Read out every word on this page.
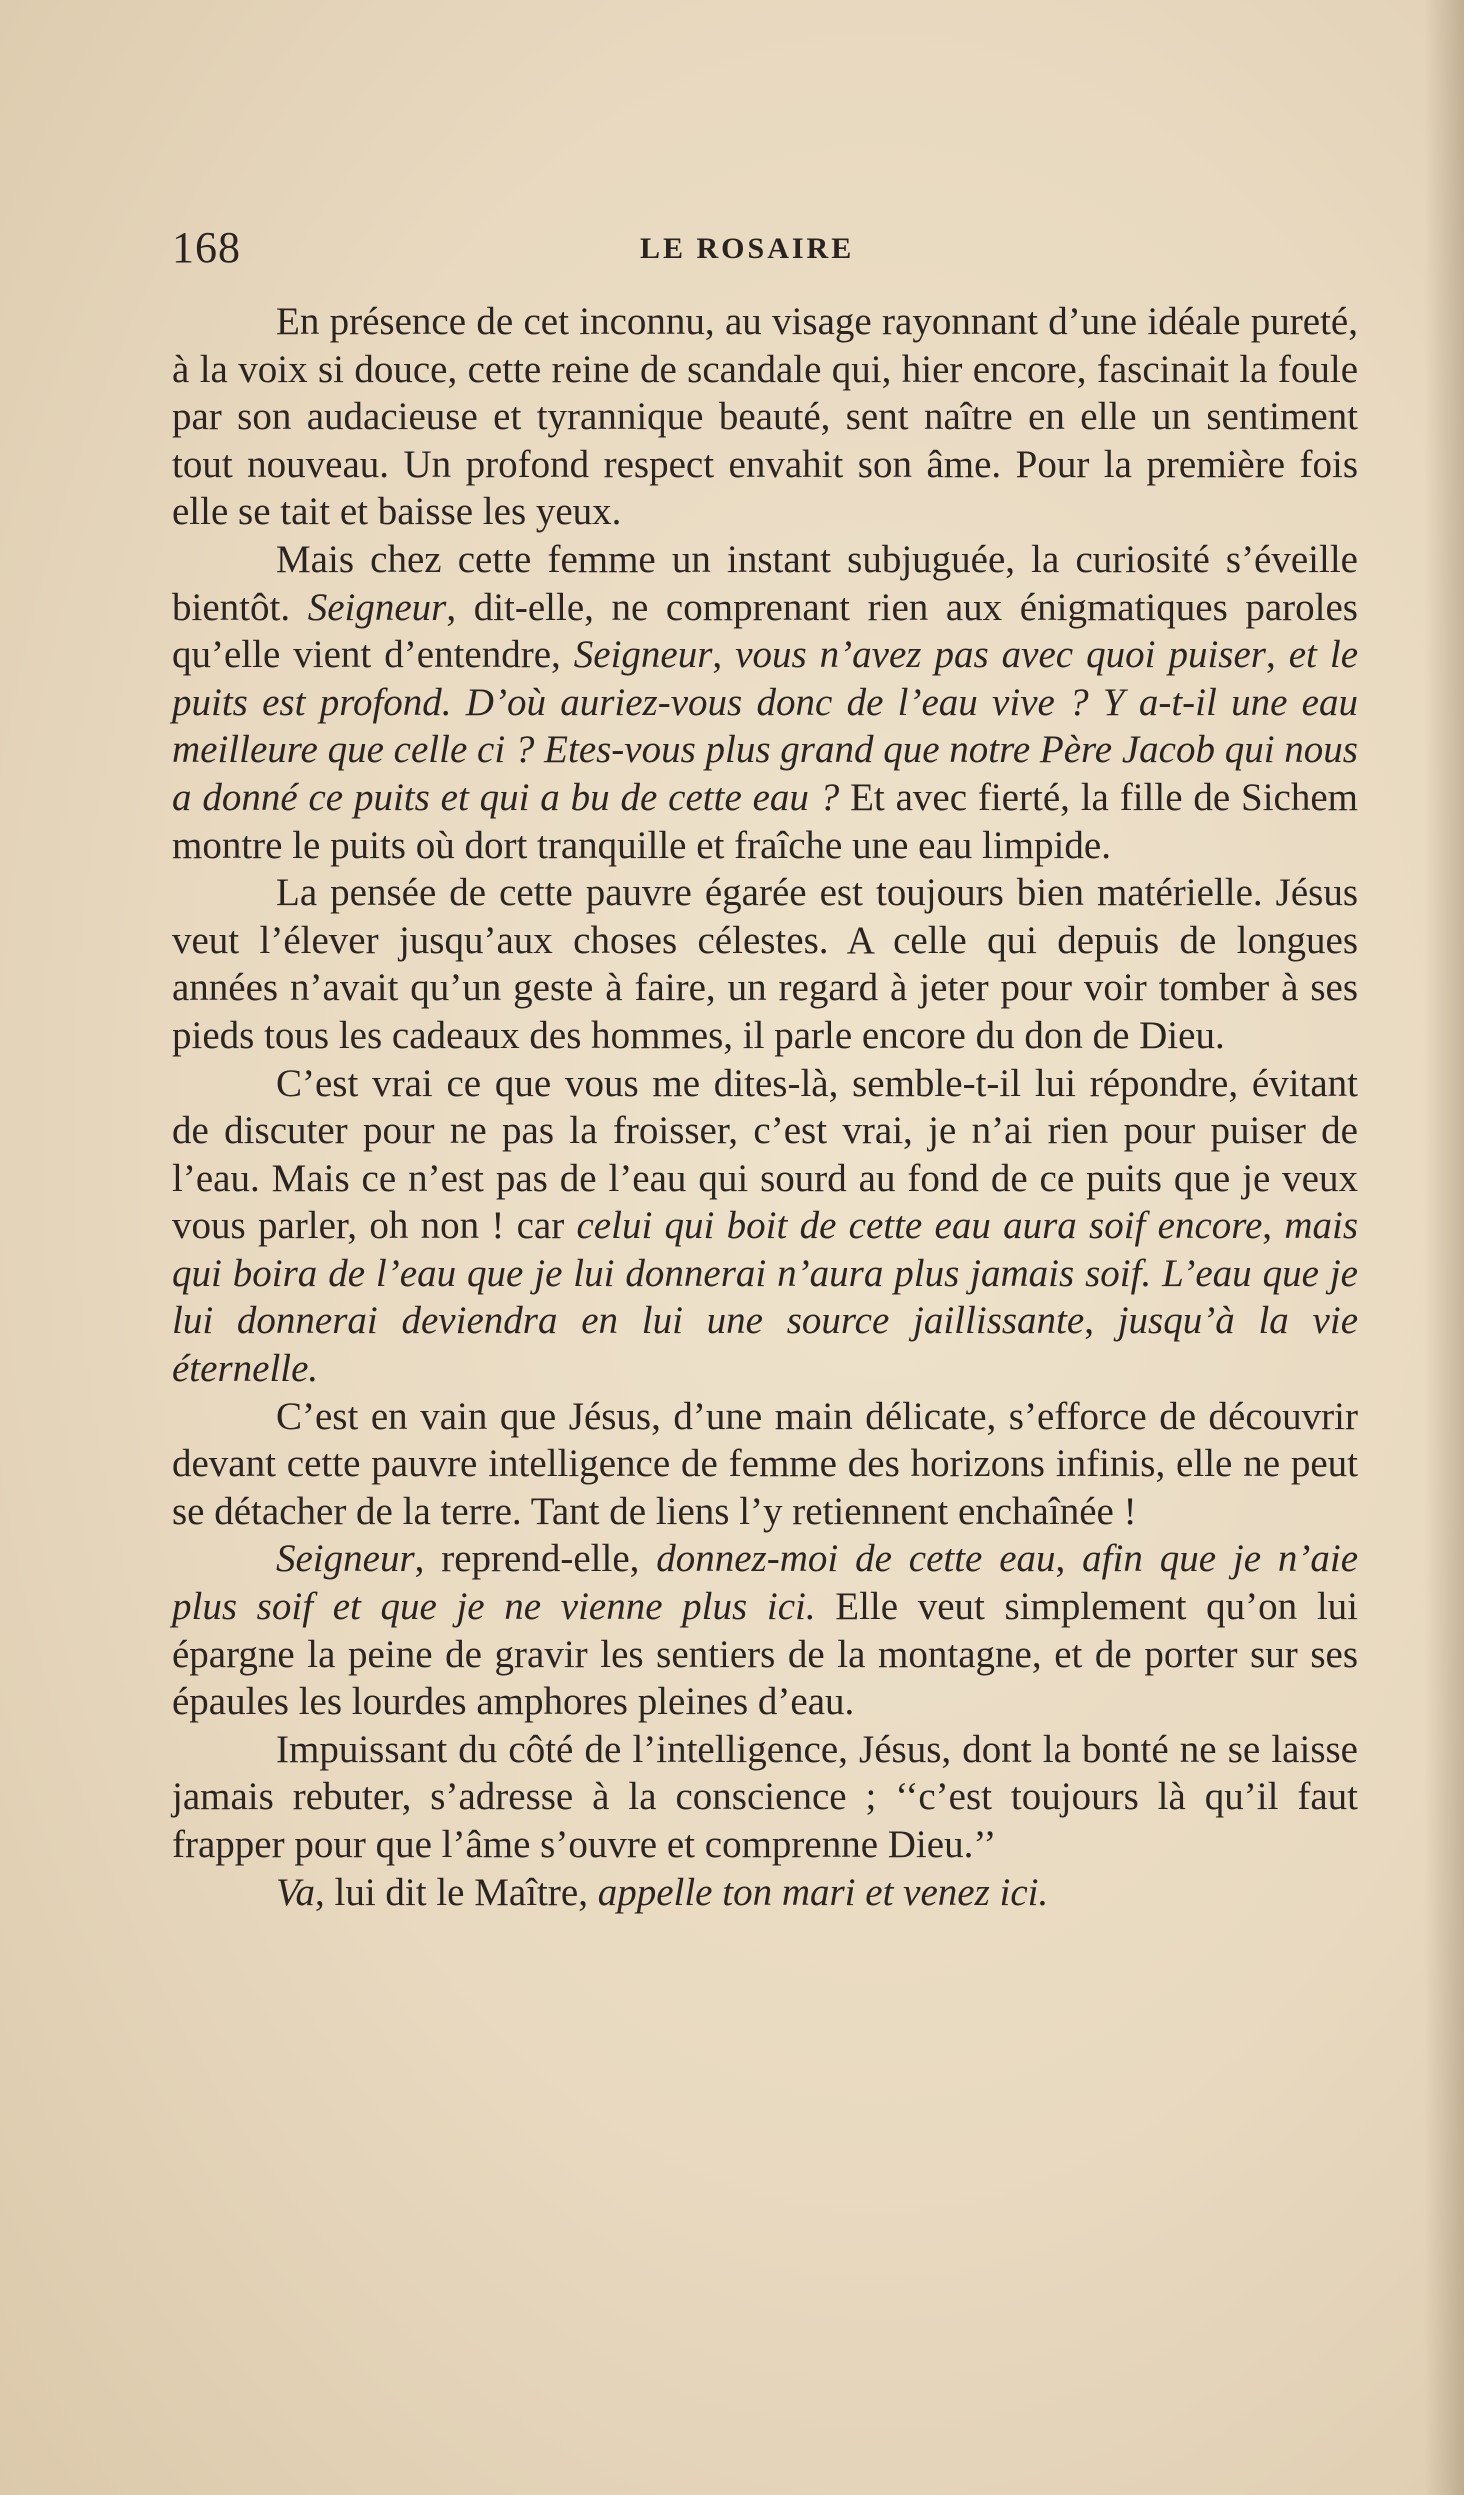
168	LE ROSAIRE

En présence de cet inconnu, au visage rayonnant d’une idéale pureté, à la voix si douce, cette reine de scandale qui, hier encore, fascinait la foule par son audacieuse et tyrannique beauté, sent naître en elle un sentiment tout nouveau. Un profond respect envahit son âme. Pour la première fois elle se tait et baisse les yeux.

Mais chez cette femme un instant subjuguée, la curiosité s’éveille bientôt. Seigneur, dit-elle, ne comprenant rien aux énigmatiques paroles qu’elle vient d’entendre, Seigneur, vous n’avez pas avec quoi puiser, et le puits est profond. D’où auriez-vous donc de l’eau vive ? Y a-t-il une eau meilleure que celle ci ? Etes-vous plus grand que notre Père Jacob qui nous a donné ce puits et qui a bu de cette eau ? Et avec fierté, la fille de Sichem montre le puits où dort tranquille et fraîche une eau limpide.

La pensée de cette pauvre égarée est toujours bien matérielle. Jésus veut l’élever jusqu’aux choses célestes. A celle qui depuis de longues années n’avait qu’un geste à faire, un regard à jeter pour voir tomber à ses pieds tous les cadeaux des hommes, il parle encore du don de Dieu.

C’est vrai ce que vous me dites-là, semble-t-il lui répondre, évitant de discuter pour ne pas la froisser, c’est vrai, je n’ai rien pour puiser de l’eau. Mais ce n’est pas de l’eau qui sourd au fond de ce puits que je veux vous parler, oh non ! car celui qui boit de cette eau aura soif encore, mais qui boira de l’eau que je lui donnerai n’aura plus jamais soif. L’eau que je lui donnerai deviendra en lui une source jaillissante, jusqu’à la vie éternelle.

C’est en vain que Jésus, d’une main délicate, s’efforce de découvrir devant cette pauvre intelligence de femme des horizons infinis, elle ne peut se détacher de la terre. Tant de liens l’y retiennent enchaînée !

Seigneur, reprend-elle, donnez-moi de cette eau, afin que je n’aie plus soif et que je ne vienne plus ici. Elle veut simplement qu’on lui épargne la peine de gravir les sentiers de la montagne, et de porter sur ses épaules les lourdes amphores pleines d’eau.

Impuissant du côté de l’intelligence, Jésus, dont la bonté ne se laisse jamais rebuter, s’adresse à la conscience ; ‘‘c’est toujours là qu’il faut frapper pour que l’âme s’ouvre et comprenne Dieu.’’

Va, lui dit le Maître, appelle ton mari et venez ici.
